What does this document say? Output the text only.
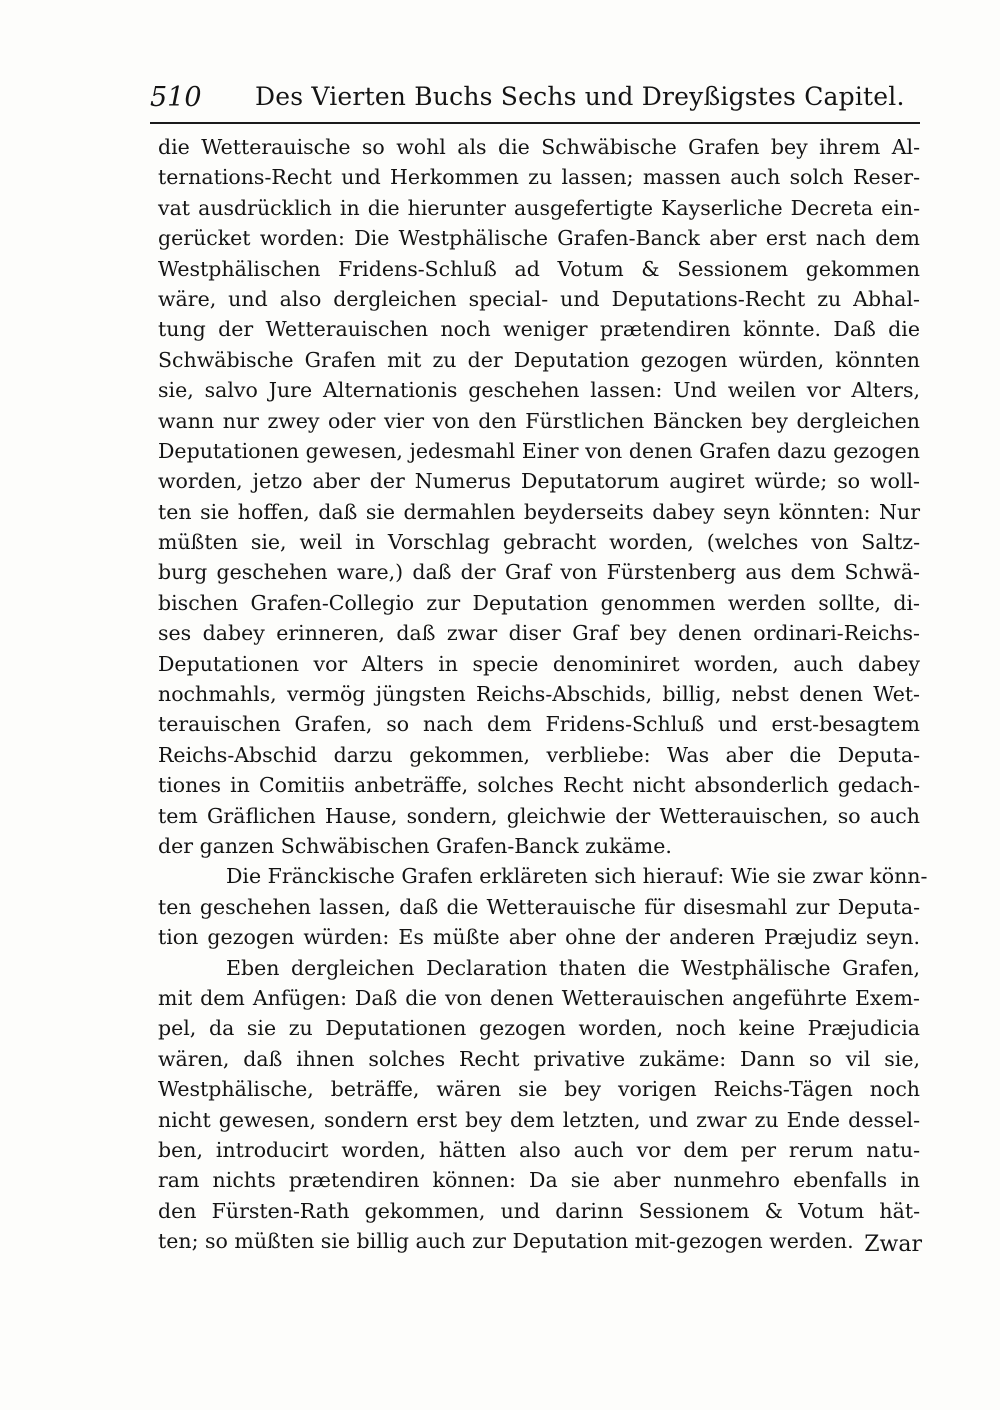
510 Des Vierten Buchs Sechs und Dreyßigstes Capitel.
die Wetterauische so wohl als die Schwäbische Grafen bey ihrem Al-
ternations-Recht und Herkommen zu lassen; massen auch solch Reser-
vat ausdrücklich in die hierunter ausgefertigte Kayserliche Decreta ein-
gerücket worden: Die Westphälische Grafen-Banck aber erst nach dem
Westphälischen Fridens-Schluß ad Votum & Sessionem gekommen
wäre, und also dergleichen special- und Deputations-Recht zu Abhal-
tung der Wetterauischen noch weniger prætendiren könnte. Daß die
Schwäbische Grafen mit zu der Deputation gezogen würden, könnten
sie, salvo Jure Alternationis geschehen lassen: Und weilen vor Alters,
wann nur zwey oder vier von den Fürstlichen Bäncken bey dergleichen
Deputationen gewesen, jedesmahl Einer von denen Grafen dazu gezogen
worden, jetzo aber der Numerus Deputatorum augiret würde; so woll-
ten sie hoffen, daß sie dermahlen beyderseits dabey seyn könnten: Nur
müßten sie, weil in Vorschlag gebracht worden, (welches von Saltz-
burg geschehen ware,) daß der Graf von Fürstenberg aus dem Schwä-
bischen Grafen-Collegio zur Deputation genommen werden sollte, di-
ses dabey erinneren, daß zwar diser Graf bey denen ordinari-Reichs-
Deputationen vor Alters in specie denominiret worden, auch dabey
nochmahls, vermög jüngsten Reichs-Abschids, billig, nebst denen Wet-
terauischen Grafen, so nach dem Fridens-Schluß und erst-besagtem
Reichs-Abschid darzu gekommen, verbliebe: Was aber die Deputa-
tiones in Comitiis anbeträffe, solches Recht nicht absonderlich gedach-
tem Gräflichen Hause, sondern, gleichwie der Wetterauischen, so auch
der ganzen Schwäbischen Grafen-Banck zukäme.
Die Fränckische Grafen erkläreten sich hierauf: Wie sie zwar könn-
ten geschehen lassen, daß die Wetterauische für disesmahl zur Deputa-
tion gezogen würden: Es müßte aber ohne der anderen Præjudiz seyn.
Eben dergleichen Declaration thaten die Westphälische Grafen,
mit dem Anfügen: Daß die von denen Wetterauischen angeführte Exem-
pel, da sie zu Deputationen gezogen worden, noch keine Præjudicia
wären, daß ihnen solches Recht privative zukäme: Dann so vil sie,
Westphälische, beträffe, wären sie bey vorigen Reichs-Tägen noch
nicht gewesen, sondern erst bey dem letzten, und zwar zu Ende dessel-
ben, introducirt worden, hätten also auch vor dem per rerum natu-
ram nichts prætendiren können: Da sie aber nunmehro ebenfalls in
den Fürsten-Rath gekommen, und darinn Sessionem & Votum hät-
ten; so müßten sie billig auch zur Deputation mit-gezogen werden. Zwar
